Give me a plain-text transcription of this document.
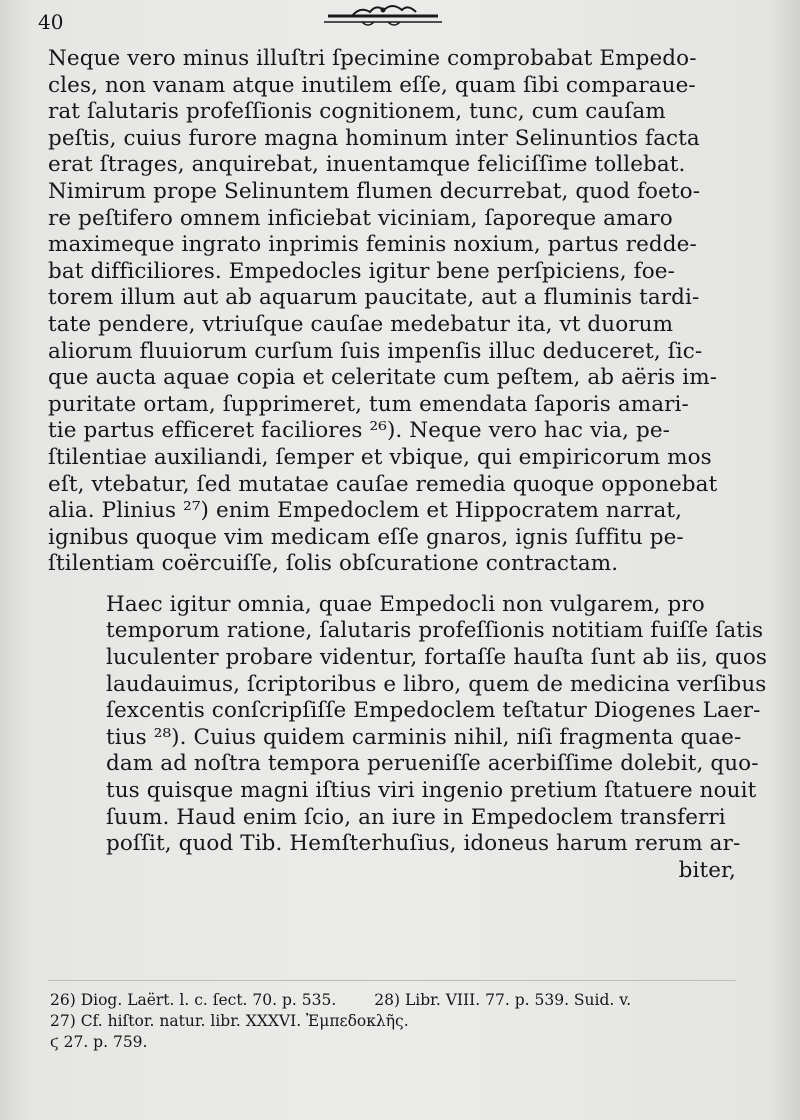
40

Neque vero minus illuſtri ſpecimine comprobabat Empedo-
cles, non vanam atque inutilem eſſe, quam ſibi comparaue-
rat ſalutaris profeſſionis cognitionem, tunc, cum cauſam
peſtis, cuius furore magna hominum inter Selinuntios facta
erat ſtrages, anquirebat, inuentamque feliciſſime tollebat.
Nimirum prope Selinuntem flumen decurrebat, quod foeto-
re peſtifero omnem inficiebat viciniam, ſaporeque amaro
maximeque ingrato inprimis feminis noxium, partus redde-
bat difficiliores. Empedocles igitur bene perſpiciens, foe-
torem illum aut ab aquarum paucitate, aut a fluminis tardi-
tate pendere, vtriuſque cauſae medebatur ita, vt duorum
aliorum fluuiorum curſum ſuis impenſis illuc deduceret, ſic-
que aucta aquae copia et celeritate cum peſtem, ab aëris im-
puritate ortam, ſupprimeret, tum emendata ſaporis amari-
tie partus efficeret faciliores ²⁶). Neque vero hac via, pe-
ſtilentiae auxiliandi, ſemper et vbique, qui empiricorum mos
eſt, vtebatur, ſed mutatae cauſae remedia quoque opponebat
alia. Plinius ²⁷) enim Empedoclem et Hippocratem narrat,
ignibus quoque vim medicam eſſe gnaros, ignis ſuffitu pe-
ſtilentiam coërcuiſſe, ſolis obſcuratione contractam.

Haec igitur omnia, quae Empedocli non vulgarem, pro
temporum ratione, ſalutaris profeſſionis notitiam fuiſſe ſatis
luculenter probare videntur, fortaſſe hauſta ſunt ab iis, quos
laudauimus, ſcriptoribus e libro, quem de medicina verſibus
ſexcentis conſcripſiſſe Empedoclem teſtatur Diogenes Laer-
tius ²⁸). Cuius quidem carminis nihil, niſi fragmenta quae-
dam ad noſtra tempora perueniſſe acerbiſſime dolebit, quo-
tus quisque magni iſtius viri ingenio pretium ſtatuere nouit
ſuum. Haud enim ſcio, an iure in Empedoclem transferri
poſſit, quod Tib. Hemſterhuſius, idoneus harum rerum ar-
biter,

26) Diog. Laërt. l. c. ſect. 70. p. 535. 28) Libr. VIII. 77. p. 539. Suid. v.
27) Cf. hiſtor. natur. libr. XXXVI. Ἐμπεδοκλῆς.
ϛ 27. p. 759.
